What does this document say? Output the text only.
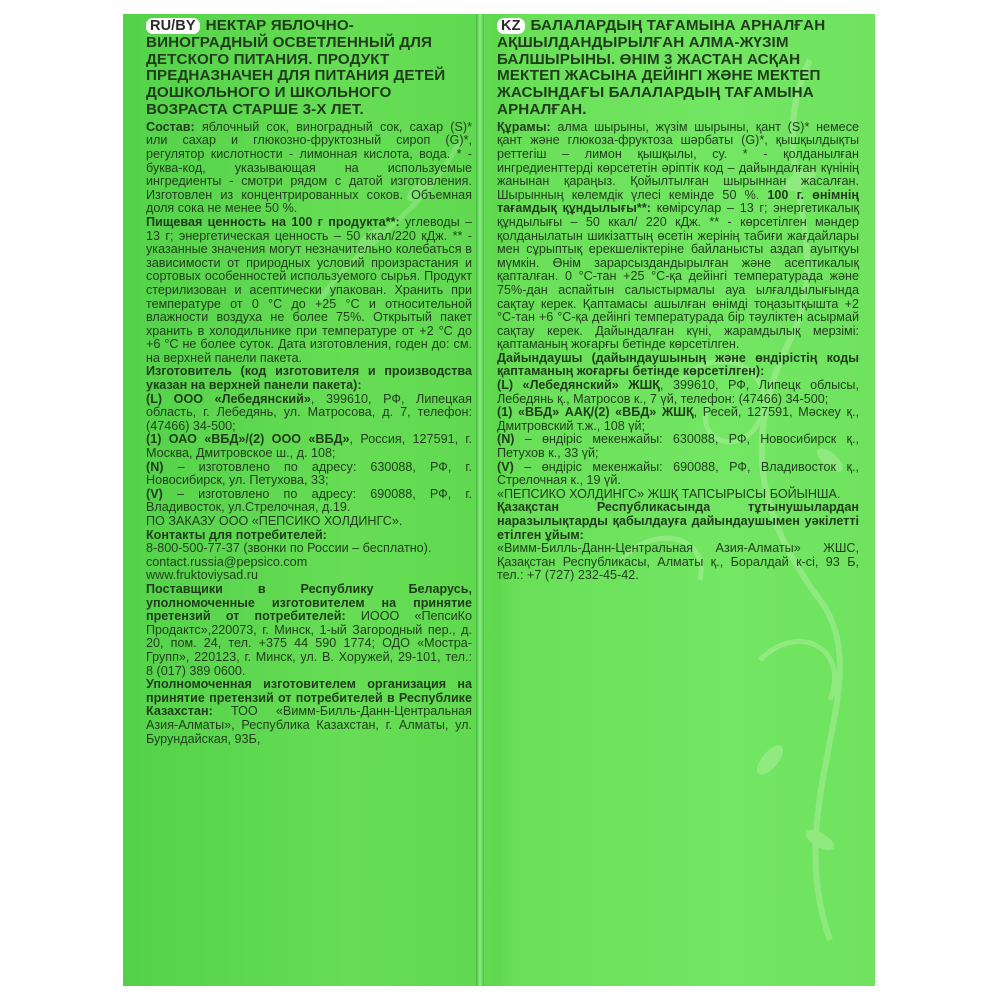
RU/BY НЕКТАР ЯБЛОЧНО-ВИНОГРАДНЫЙ ОСВЕТЛЕННЫЙ ДЛЯ ДЕТСКОГО ПИТАНИЯ. ПРОДУКТ ПРЕДНАЗНАЧЕН ДЛЯ ПИТАНИЯ ДЕТЕЙ ДОШКОЛЬНОГО И ШКОЛЬНОГО ВОЗРАСТА СТАРШЕ 3-Х ЛЕТ.

Состав: яблочный сок, виноградный сок, сахар (S)* или сахар и глюкозно-фруктозный сироп (G)*, регулятор кислотности - лимонная кислота, вода. * - буква-код, указывающая на используемые ингредиенты - смотри рядом с датой изготовления. Изготовлен из концентрированных соков. Объемная доля сока не менее 50 %.

Пищевая ценность на 100 г продукта**: углеводы – 13 г; энергетическая ценность – 50 ккал/220 кДж. ** - указанные значения могут незначительно колебаться в зависимости от природных условий произрастания и сортовых особенностей используемого сырья. Продукт стерилизован и асептически упакован. Хранить при температуре от 0 °С до +25 °С и относительной влажности воздуха не более 75%. Открытый пакет хранить в холодильнике при температуре от +2 °С до +6 °С не более суток. Дата изготовления, годен до: см. на верхней панели пакета.

Изготовитель (код изготовителя и производства указан на верхней панели пакета):

(L) ООО «Лебедянский», 399610, РФ, Липецкая область, г. Лебедянь, ул. Матросова, д. 7, телефон: (47466) 34-500;

(1) ОАО «ВБД»/(2) ООО «ВБД», Россия, 127591, г. Москва, Дмитровское ш., д. 108;

(N) – изготовлено по адресу: 630088, РФ, г. Новосибирск, ул. Петухова, 33;

(V) – изготовлено по адресу: 690088, РФ, г. Владивосток, ул.Стрелочная, д.19.

ПО ЗАКАЗУ ООО «ПЕПСИКО ХОЛДИНГС».

Контакты для потребителей:

8-800-500-77-37 (звонки по России – бесплатно).

contact.russia@pepsico.com

www.fruktoviysad.ru

Поставщики в Республику Беларусь, уполномоченные изготовителем на принятие претензий от потребителей: ИООО «ПепсиКо Продактс»,220073, г. Минск, 1-ый Загородный пер., д. 20, пом. 24, тел. +375 44 590 1774; ОДО «Мостра-Групп», 220123, г. Минск, ул. В. Хоружей, 29-101, тел.: 8 (017) 389 0600.

Уполномоченная изготовителем организация на принятие претензий от потребителей в Республике Казахстан: ТОО «Вимм-Билль-Данн-Центральная Азия-Алматы», Республика Казахстан, г. Алматы, ул. Бурундайская, 93Б,

KZ БАЛАЛАРДЫҢ ТАҒАМЫНА АРНАЛҒАН АҚШЫЛДАНДЫРЫЛҒАН АЛМА-ЖҮЗІМ БАЛШЫРЫНЫ. ӨНІМ 3 ЖАСТАН АСҚАН МЕКТЕП ЖАСЫНА ДЕЙІНГІ ЖӘНЕ МЕКТЕП ЖАСЫНДАҒЫ БАЛАЛАРДЫҢ ТАҒАМЫНА АРНАЛҒАН.

Құрамы: алма шырыны, жүзім шырыны, қант (S)* немесе қант және глюкоза-фруктоза шәрбаты (G)*, қышқылдықты реттегіш – лимон қышқылы, су. * - қолданылған ингредиенттерді көрсететін әріптік код – дайындалған күнінің жанынан қараңыз. Қойылтылған шырыннан жасалған. Шырынның көлемдік үлесі кемінде 50 %. 100 г. өнімнің тағамдық құндылығы**: көмірсулар – 13 г; энергетикалық құндылығы – 50 ккал/ 220 кДж. ** - көрсетілген мәндер қолданылатын шикізаттың өсетін жерінің табиғи жағдайлары мен сұрыптық ерекшеліктеріне байланысты аздап ауытқуы мүмкін. Өнім зарарсыздандырылған және асептикалық қапталған. 0 °С-тан +25 °С-қа дейінгі температурада және 75%-дан аспайтын салыстырмалы ауа ылғалдылығында сақтау керек. Қаптамасы ашылған өнімді тоңазытқышта +2 °С-тан +6 °С-қа дейінгі температурада бір тәуліктен асырмай сақтау керек. Дайындалған күні, жарамдылық мерзімі: қаптаманың жоғарғы бетінде көрсетілген.

Дайындаушы (дайындаушының және өндірістің коды қаптаманың жоғарғы бетінде көрсетілген):

(L) «Лебедянский» ЖШҚ, 399610, РФ, Липецк облысы, Лебедянь қ., Матросов к., 7 үй, телефон: (47466) 34-500;

(1) «ВБД» ААҚ/(2) «ВБД» ЖШҚ, Ресей, 127591, Мәскеу қ., Дмитровский т.ж., 108 үй;

(N) – өндіріс мекенжайы: 630088, РФ, Новосибирск қ., Петухов к., 33 үй;

(V) – өндіріс мекенжайы: 690088, РФ, Владивосток қ., Стрелочная к., 19 үй.

«ПЕПСИКО ХОЛДИНГС» ЖШҚ ТАПСЫРЫСЫ БОЙЫНША.

Қазақстан Республикасында тұтынушылардан наразылықтарды қабылдауға дайындаушымен уәкілетті етілген ұйым:

«Вимм-Билль-Данн-Центральная Азия-Алматы» ЖШС, Қазақстан Республикасы, Алматы қ., Боралдай к-сі, 93 Б, тел.: +7 (727) 232-45-42.
